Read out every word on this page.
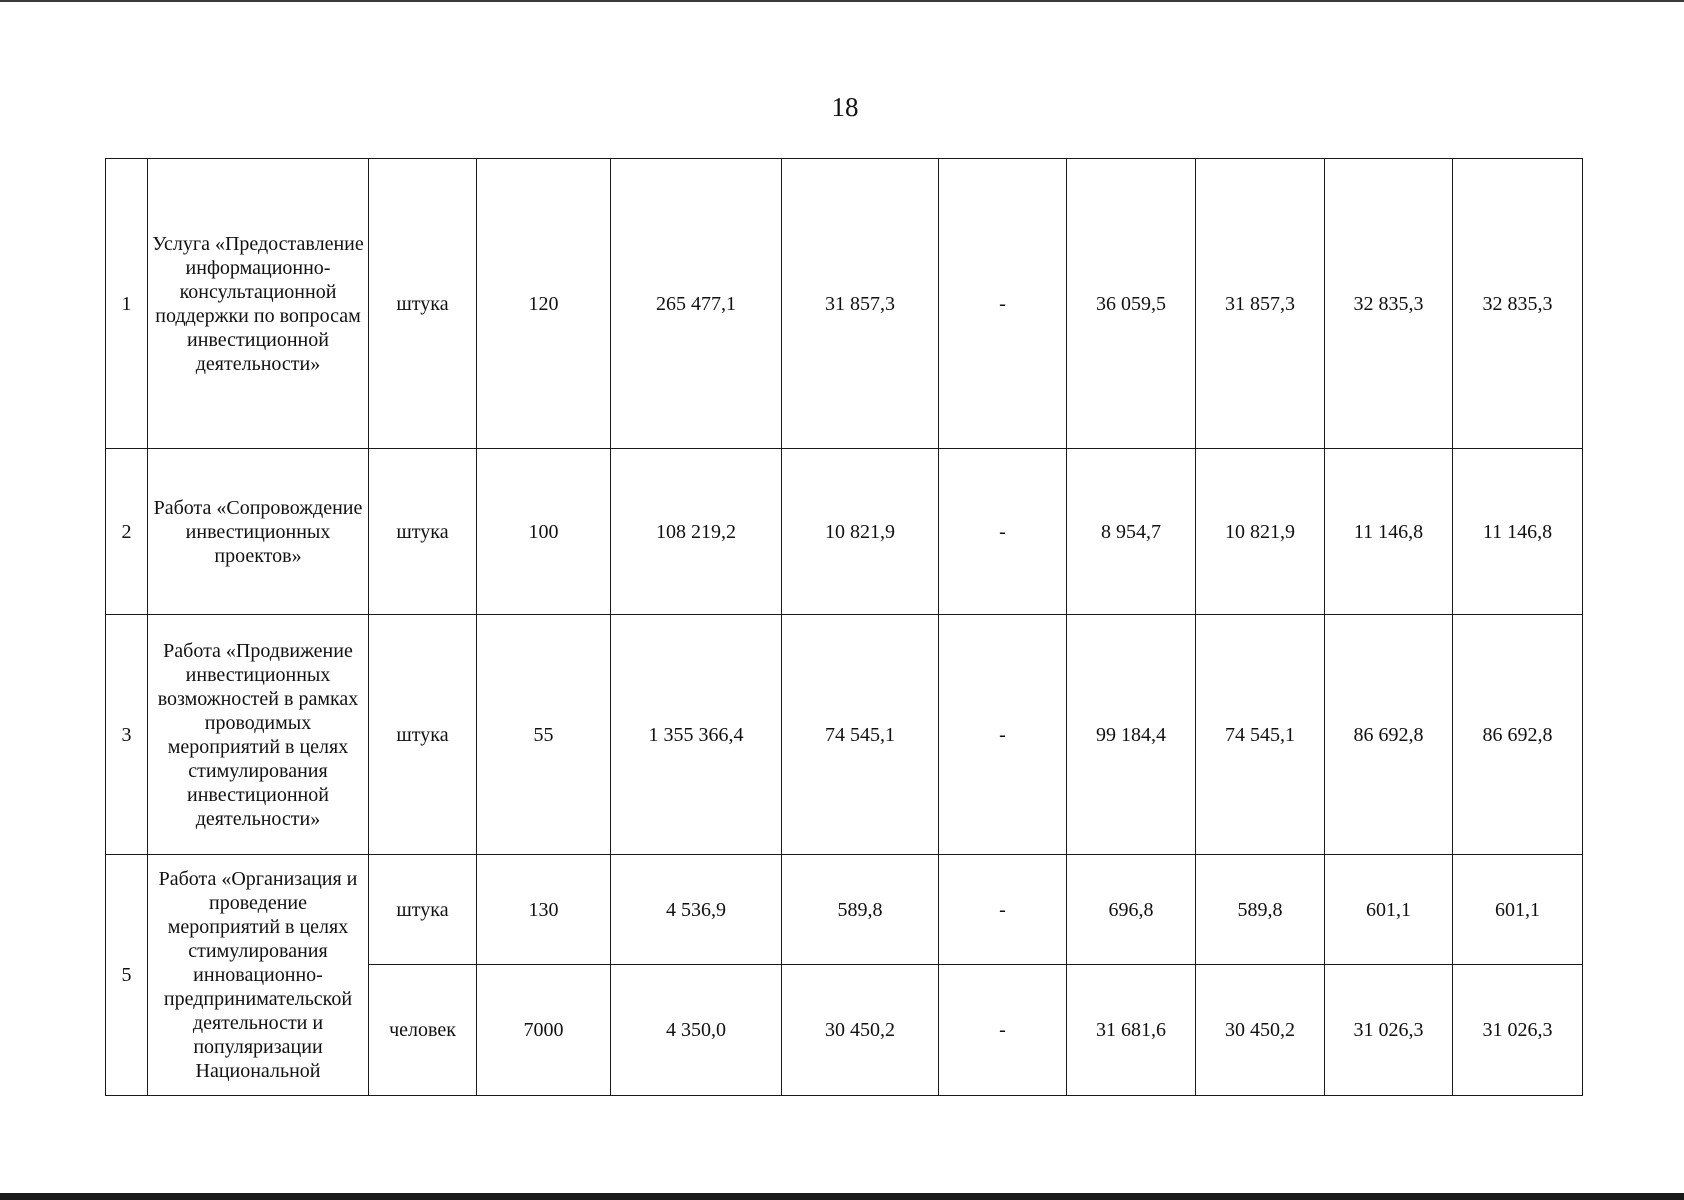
18
1	Услуга «Предоставление информационно-консультационной поддержки по вопросам инвестиционной деятельности»	штука	120	265 477,1	31 857,3	-	36 059,5	31 857,3	32 835,3	32 835,3
2	Работа «Сопровождение инвестиционных проектов»	штука	100	108 219,2	10 821,9	-	8 954,7	10 821,9	11 146,8	11 146,8
3	Работа «Продвижение инвестиционных возможностей в рамках проводимых мероприятий в целях стимулирования инвестиционной деятельности»	штука	55	1 355 366,4	74 545,1	-	99 184,4	74 545,1	86 692,8	86 692,8
5	Работа «Организация и проведение мероприятий в целях стимулирования инновационно-предпринимательской деятельности и популяризации Национальной	штука	130	4 536,9	589,8	-	696,8	589,8	601,1	601,1
		человек	7000	4 350,0	30 450,2	-	31 681,6	30 450,2	31 026,3	31 026,3
